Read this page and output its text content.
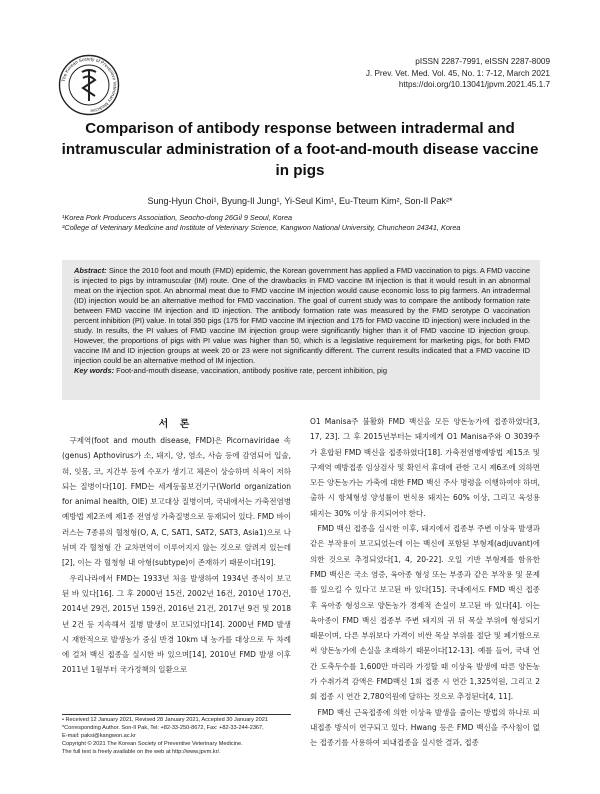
The Korean Society of Preventive Veterinary Medicine
pISSN 2287-7991, eISSN 2287-8009
J. Prev. Vet. Med. Vol. 45, No. 1: 7-12, March 2021
https://doi.org/10.13041/jpvm.2021.45.1.7
Comparison of antibody response between intradermal and intramuscular administration of a foot-and-mouth disease vaccine in pigs
Sung-Hyun Choi¹, Byung-Il Jung¹, Yi-Seul Kim¹, Eu-Tteum Kim², Son-Il Pak²*
¹Korea Pork Producers Association, Seocho-dong 26Gil 9 Seoul, Korea
²College of Veterinary Medicine and Institute of Veterinary Science, Kangwon National University, Chuncheon 24341, Korea
Abstract: Since the 2010 foot and mouth (FMD) epidemic, the Korean government has applied a FMD vaccination to pigs. A FMD vaccine is injected to pigs by intramuscular (IM) route. One of the drawbacks in FMD vaccine IM injection is that it would result in an abnormal meat on the injection spot. An abnormal meat due to FMD vaccine IM injection would cause economic loss to pig farmers. An intradermal (ID) injection would be an alternative method for FMD vaccination. The goal of current study was to compare the antibody formation rate between FMD vaccine IM injection and ID injection. The antibody formation rate was measured by the FMD serotype O vaccination percent inhibition (PI) value. In total 350 pigs (175 for FMD vaccine IM injection and 175 for FMD vaccine ID injection) were included in the study. In results, the PI values of FMD vaccine IM injection group were significantly higher than it of FMD vaccine ID injection group. However, the proportions of pigs with PI value was higher than 50, which is a legislative requirement for marketing pigs, for both FMD vaccine IM and ID injection groups at week 20 or 23 were not significantly different. The current results indicated that a FMD vaccine ID injection could be an alternative method of IM injection.
Key words: Foot-and-mouth disease, vaccination, antibody positive rate, percent inhibition, pig
서 론

구제역(foot and mouth disease, FMD)은 Picornaviridae 속 (genus) Apthovirus가 소, 돼지, 양, 염소, 사슴 등에 감염되어 입술, 혀, 잇몸, 코, 지간부 등에 수포가 생기고 체온이 상승하며 식욕이 저하되는 질병이다[10]. FMD는 세계동물보건기구(World organization for animal health, OIE) 보고대상 질병이며, 국내에서는 가축전염병예방법 제2조에 제1종 전염성 가축질병으로 등재되어 있다. FMD 바이러스는 7종류의 혈청형(O, A, C, SAT1, SAT2, SAT3, Asia1)으로 나뉘며 각 혈청형 간 교차면역이 이루어지지 않는 것으로 알려져 있는데[2], 이는 각 혈청형 내 아형(subtype)이 존재하기 때문이다[19].

우리나라에서 FMD는 1933년 처음 발생하여 1934년 종식이 보고된 바 있다[16]. 그 후 2000년 15건, 2002년 16건, 2010년 170건, 2014년 29건, 2015년 159건, 2016년 21건, 2017년 9건 및 2018년 2건 등 지속해서 질병 발생이 보고되었다[14]. 2000년 FMD 발생 시 재한적으로 발생농가 중심 반경 10km 내 농가를 대상으로 두 차례에 걸쳐 백신 접종을 실시한 바 있으며[14], 2010년 FMD 발생 이후 2011년 1월부터 국가정책의 일환으로

O1 Manisa주 불활화 FMD 백신을 모든 양돈농가에 접종하였다[3, 17, 23]. 그 후 2015년부터는 돼지에게 O1 Manisa주와 O 3039주가 혼합된 FMD 백신을 접종하였다[18]. 가축전염병예방법 제15조 및 구제역 예방접종 임상검사 및 확인서 휴대에 관한 고시 제6조에 의하면 모든 양돈농가는 가축에 대한 FMD 백신 주사 명령을 이행하여야 하며, 출하 시 항체형성 양성률이 번식용 돼지는 60% 이상, 그리고 육성용 돼지는 30% 이상 유지되어야 한다.

FMD 백신 접종을 실시한 이후, 돼지에서 접종부 주변 이상육 발생과 같은 부작용이 보고되었는데 이는 백신에 포함된 부형제(adjuvant)에 의한 것으로 추정되었다[1, 4, 20-22]. 오일 기반 부형제를 함유한 FMD 백신은 국소 염증, 육아종 형성 또는 부종과 같은 부작용 및 문제를 일으킬 수 있다고 보고된 바 있다[15]. 국내에서도 FMD 백신 접종 후 육아종 형성으로 양돈농가 경제적 손실이 보고된 바 있다[4]. 이는 육아종이 FMD 백신 접종부 주변 돼지의 귀 뒤 목살 부위에 형성되기 때문이며, 다른 부위보다 가격이 비싼 목살 부위를 절단 및 폐기함으로써 양돈농가에 손실을 초래하기 때문이다[12-13]. 예를 들어, 국내 연간 도축두수를 1,600만 마리라 가정할 때 이상육 발생에 따른 양돈농가 수취가격 감액은 FMD백신 1회 접종 시 연간 1,325억원, 그리고 2회 접종 시 연간 2,780억원에 달하는 것으로 추정된다[4, 11].

FMD 백신 근육접종에 의한 이상육 발생을 줄이는 방법의 하나로 피내접종 방식이 연구되고 있다. Hwang 등은 FMD 백신을 주사침이 없는 접종기를 사용하여 피내접종을 실시한 결과, 접종

• Received 12 January 2021, Revised 28 January 2021, Accepted 30 January 2021
*Corresponding Author. Son-Il Pak, Tel: +82-33-250-8672, Fax: +82-33-244-2367,
E-mail: paksi@kangwon.ac.kr
Copyright © 2021 The Korean Society of Preventive Veterinary Medicine.
The full text is freely available on the web at http://www.jpvm.kr/.
